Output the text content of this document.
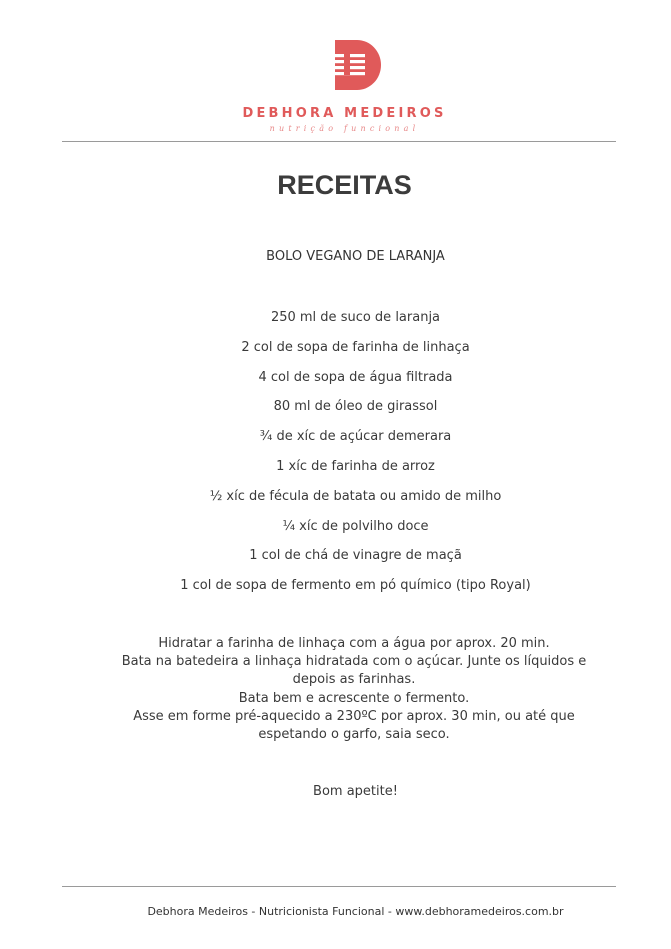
DEBHORA MEDEIROS
nutrição funcional
RECEITAS
BOLO VEGANO DE LARANJA
250 ml de suco de laranja
2 col de sopa de farinha de linhaça
4 col de sopa de água filtrada
80 ml de óleo de girassol
¾ de xíc de açúcar demerara
1 xíc de farinha de arroz
½ xíc de fécula de batata ou amido de milho
¼ xíc de polvilho doce
1 col de chá de vinagre de maçã
1 col de sopa de fermento em pó químico (tipo Royal)
Hidratar a farinha de linhaça com a água por aprox. 20 min.
Bata na batedeira a linhaça hidratada com o açúcar. Junte os líquidos e depois as farinhas.
Bata bem e acrescente o fermento.
Asse em forme pré-aquecido a 230ºC por aprox. 30 min, ou até que espetando o garfo, saia seco.
Bom apetite!
Debhora Medeiros - Nutricionista Funcional - www.debhoramedeiros.com.br
